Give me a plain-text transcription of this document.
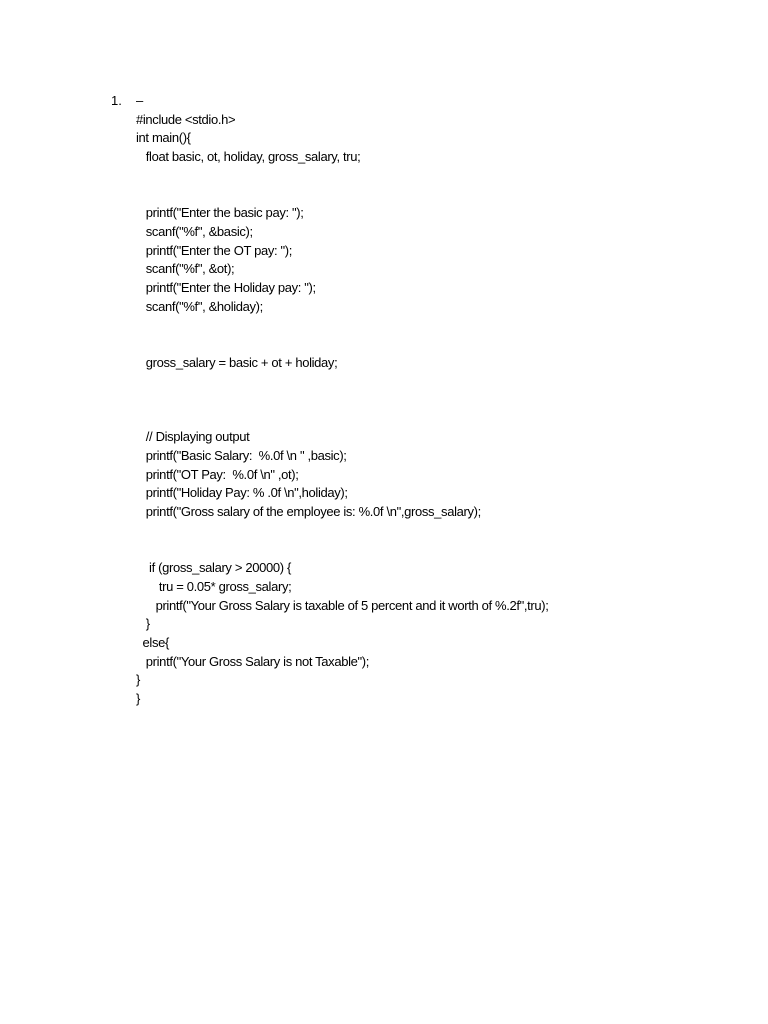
1. –
#include <stdio.h>
int main(){
float basic, ot, holiday, gross_salary, tru;
printf("Enter the basic pay: ");
scanf("%f", &basic);
printf("Enter the OT pay: ");
scanf("%f", &ot);
printf("Enter the Holiday pay: ");
scanf("%f", &holiday);
gross_salary = basic + ot + holiday;
// Displaying output
printf("Basic Salary:  %.0f \n " ,basic);
printf("OT Pay:  %.0f \n" ,ot);
printf("Holiday Pay: % .0f \n",holiday);
printf("Gross salary of the employee is: %.0f \n",gross_salary);
if (gross_salary > 20000) {
tru = 0.05* gross_salary;
printf("Your Gross Salary is taxable of 5 percent and it worth of %.2f",tru);
}
else{
printf("Your Gross Salary is not Taxable");
}
}
